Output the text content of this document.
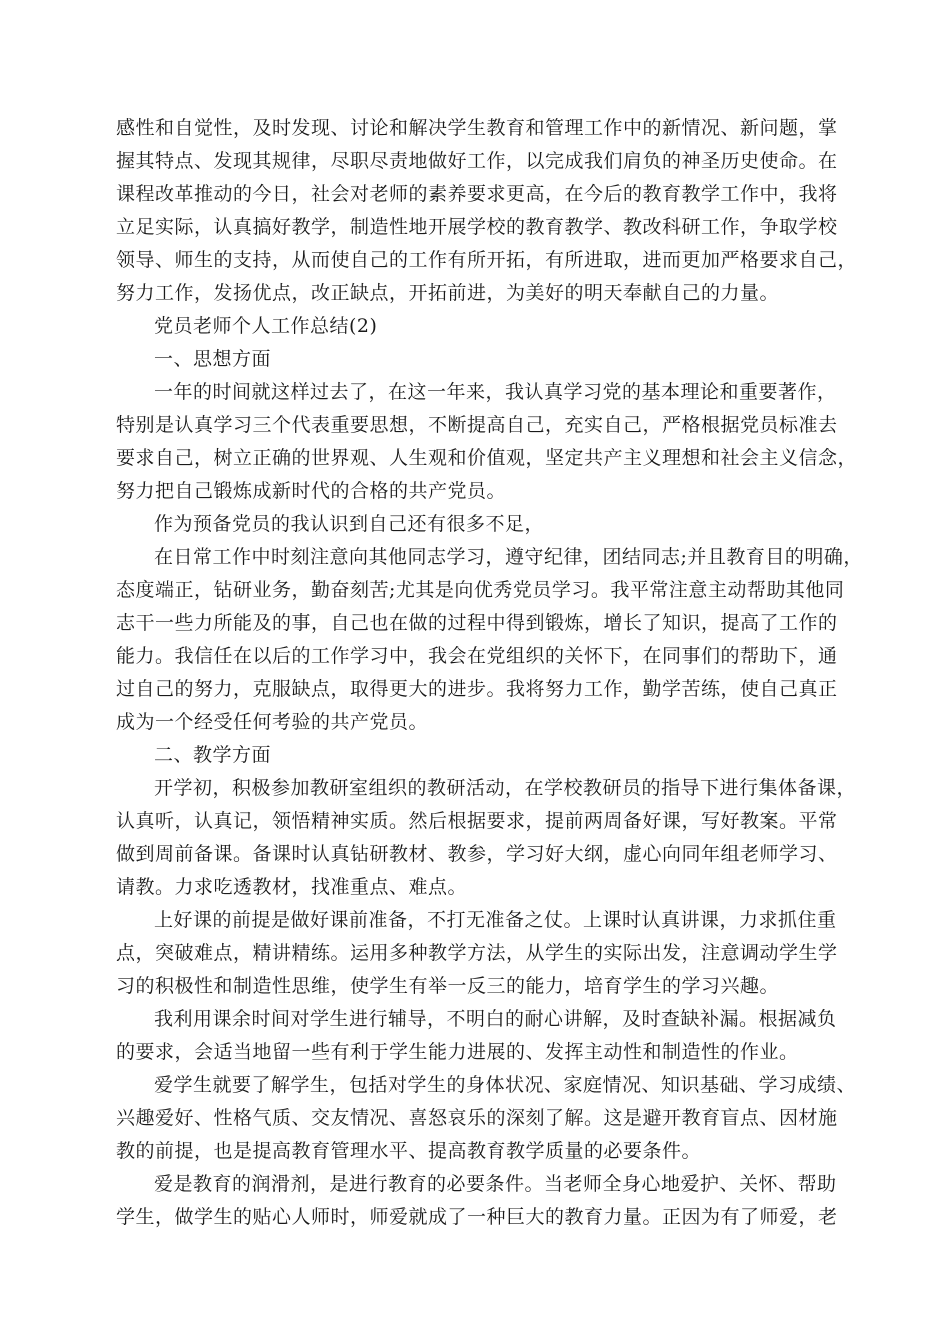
感性和自觉性，及时发现、讨论和解决学生教育和管理工作中的新情况、新问题，掌
握其特点、发现其规律，尽职尽责地做好工作，以完成我们肩负的神圣历史使命。在
课程改革推动的今日，社会对老师的素养要求更高，在今后的教育教学工作中，我将
立足实际，认真搞好教学，制造性地开展学校的教育教学、教改科研工作，争取学校
领导、师生的支持，从而使自己的工作有所开拓，有所进取，进而更加严格要求自己，
努力工作，发扬优点，改正缺点，开拓前进，为美好的明天奉献自己的力量。
党员老师个人工作总结(2)
一、思想方面
一年的时间就这样过去了，在这一年来，我认真学习党的基本理论和重要著作，
特别是认真学习三个代表重要思想，不断提高自己，充实自己，严格根据党员标准去
要求自己，树立正确的世界观、人生观和价值观，坚定共产主义理想和社会主义信念，
努力把自己锻炼成新时代的合格的共产党员。
作为预备党员的我认识到自己还有很多不足，
在日常工作中时刻注意向其他同志学习，遵守纪律，团结同志;并且教育目的明确，
态度端正，钻研业务，勤奋刻苦;尤其是向优秀党员学习。我平常注意主动帮助其他同
志干一些力所能及的事，自己也在做的过程中得到锻炼，增长了知识，提高了工作的
能力。我信任在以后的工作学习中，我会在党组织的关怀下，在同事们的帮助下，通
过自己的努力，克服缺点，取得更大的进步。我将努力工作，勤学苦练，使自己真正
成为一个经受任何考验的共产党员。
二、教学方面
开学初，积极参加教研室组织的教研活动，在学校教研员的指导下进行集体备课，
认真听，认真记，领悟精神实质。然后根据要求，提前两周备好课，写好教案。平常
做到周前备课。备课时认真钻研教材、教参，学习好大纲，虚心向同年组老师学习、
请教。力求吃透教材，找准重点、难点。
上好课的前提是做好课前准备，不打无准备之仗。上课时认真讲课，力求抓住重
点，突破难点，精讲精练。运用多种教学方法，从学生的实际出发，注意调动学生学
习的积极性和制造性思维，使学生有举一反三的能力，培育学生的学习兴趣。
我利用课余时间对学生进行辅导，不明白的耐心讲解，及时查缺补漏。根据减负
的要求，会适当地留一些有利于学生能力进展的、发挥主动性和制造性的作业。
爱学生就要了解学生，包括对学生的身体状况、家庭情况、知识基础、学习成绩、
兴趣爱好、性格气质、交友情况、喜怒哀乐的深刻了解。这是避开教育盲点、因材施
教的前提，也是提高教育管理水平、提高教育教学质量的必要条件。
爱是教育的润滑剂，是进行教育的必要条件。当老师全身心地爱护、关怀、帮助
学生，做学生的贴心人师时，师爱就成了一种巨大的教育力量。正因为有了师爱，老
